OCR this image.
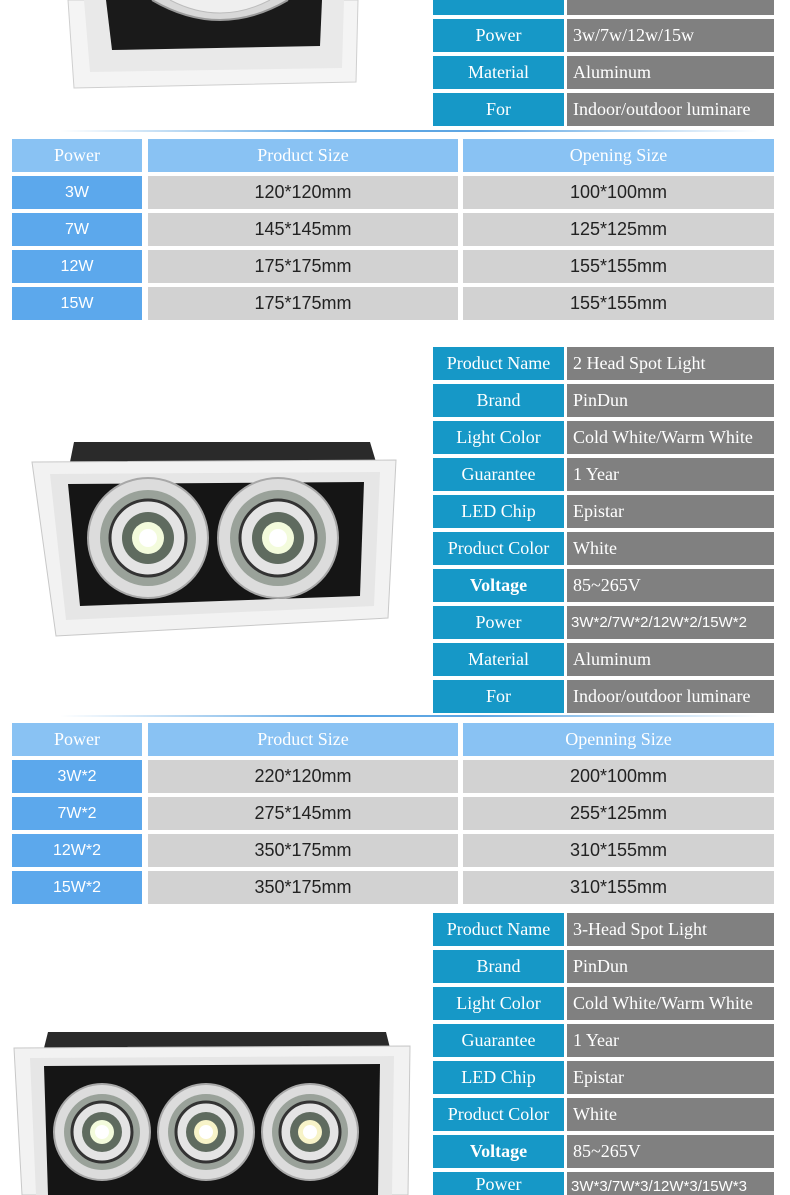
Power	3w/7w/12w/15w
Material	Aluminum
For	Indoor/outdoor luminare
Power	Product Size	Opening Size
3W	120*120mm	100*100mm
7W	145*145mm	125*125mm
12W	175*175mm	155*155mm
15W	175*175mm	155*155mm
Product Name	2 Head Spot Light
Brand	PinDun
Light Color	Cold White/Warm White
Guarantee	1 Year
LED Chip	Epistar
Product Color	White
Voltage	85~265V
Power	3W*2/7W*2/12W*2/15W*2
Material	Aluminum
For	Indoor/outdoor luminare
Power	Product Size	Openning Size
3W*2	220*120mm	200*100mm
7W*2	275*145mm	255*125mm
12W*2	350*175mm	310*155mm
15W*2	350*175mm	310*155mm
Product Name	3-Head Spot Light
Brand	PinDun
Light Color	Cold White/Warm White
Guarantee	1 Year
LED Chip	Epistar
Product Color	White
Voltage	85~265V
Power	3W*3/7W*3/12W*3/15W*3
